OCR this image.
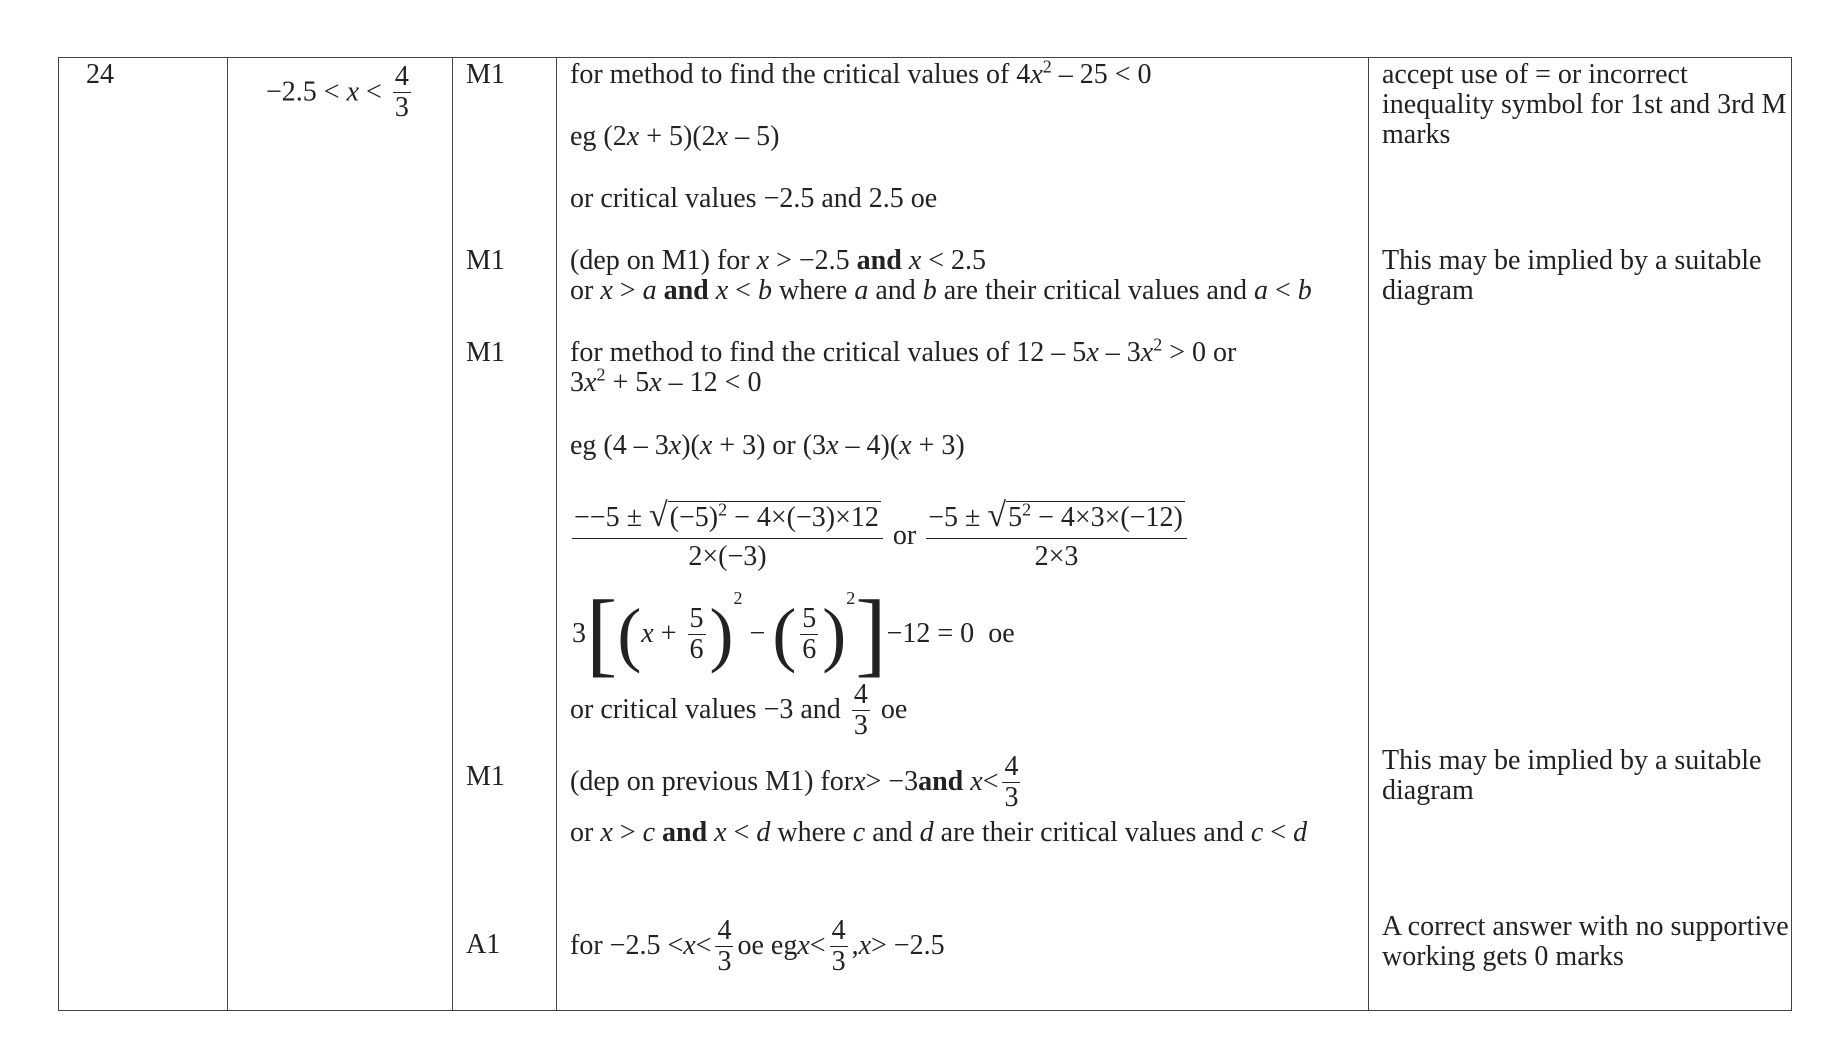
24
$-2.5 < x < \frac{4}{3} M1$
M1
M1
M1
A1
for method to find the critical values of $4x^2 - 25 < 0$
eg (2x + 5)(2x – 5)
or critical values −2.5 and 2.5 oe
(dep on M1) for x > −2.5 and x < 2.5
or x > a and x < b where a and b are their critical values and a < b
for method to find the critical values of $12 - 5x - 3x^2 > 0$ or
$3x^2 + 5x - 12 < 0$
eg (4 – 3x)(x + 3) or (3x – 4)(x + 3)
$\frac{--5 \pm √(-5)^2 - 4\times(-3)\times 12}{2\times(-3)}$ or $\frac{-5 \pm √5^2 - 4\times 3\times(-12)}{2\times 3}$
3 [ ( $x + \frac{5}{6}$ ) 2
− ( $\frac{5}{6}$ ) 2 ] −12 = 0
oe
or critical values −3 and
$\frac{4}{3}$
oe
(dep on previous M1) for x > −3 and
$x < \frac{4}{3}$
or x > c and x < d where c and d are their critical values and c < d
for $-2.5 < x < \frac{4}{3}$ oe eg $x < \frac{4}{3}$ , x > −2.5
accept use of = or incorrect
inequality symbol for 1st and 3rd M
marks
This may be implied by a suitable
diagram
This may be implied by a suitable
diagram
A correct answer with no supportive
working gets 0 marks
